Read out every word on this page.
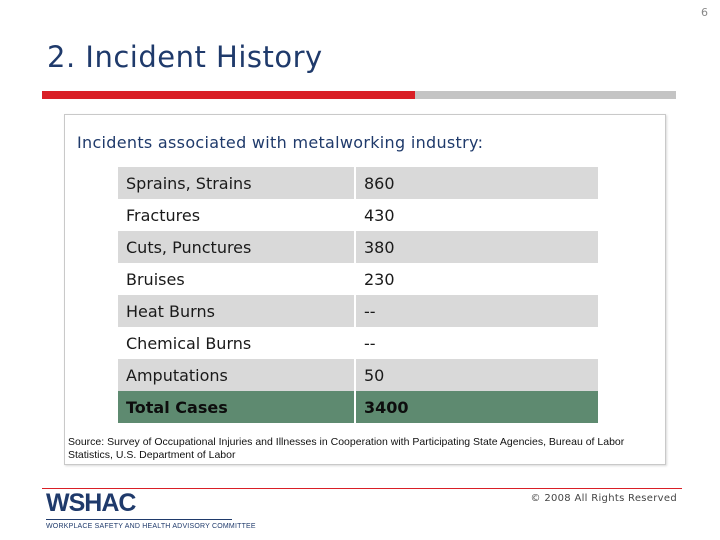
6
2. Incident History
Incidents associated with metalworking industry:
Sprains, Strains	860
Fractures	430
Cuts, Punctures	380
Bruises	230
Heat Burns	--
Chemical Burns	--
Amputations	50
Total Cases	3400
Source: Survey of Occupational Injuries and Illnesses in Cooperation with Participating State Agencies, Bureau of Labor Statistics, U.S. Department of Labor
WSHAC
WORKPLACE SAFETY AND HEALTH ADVISORY COMMITTEE
© 2008 All Rights Reserved
